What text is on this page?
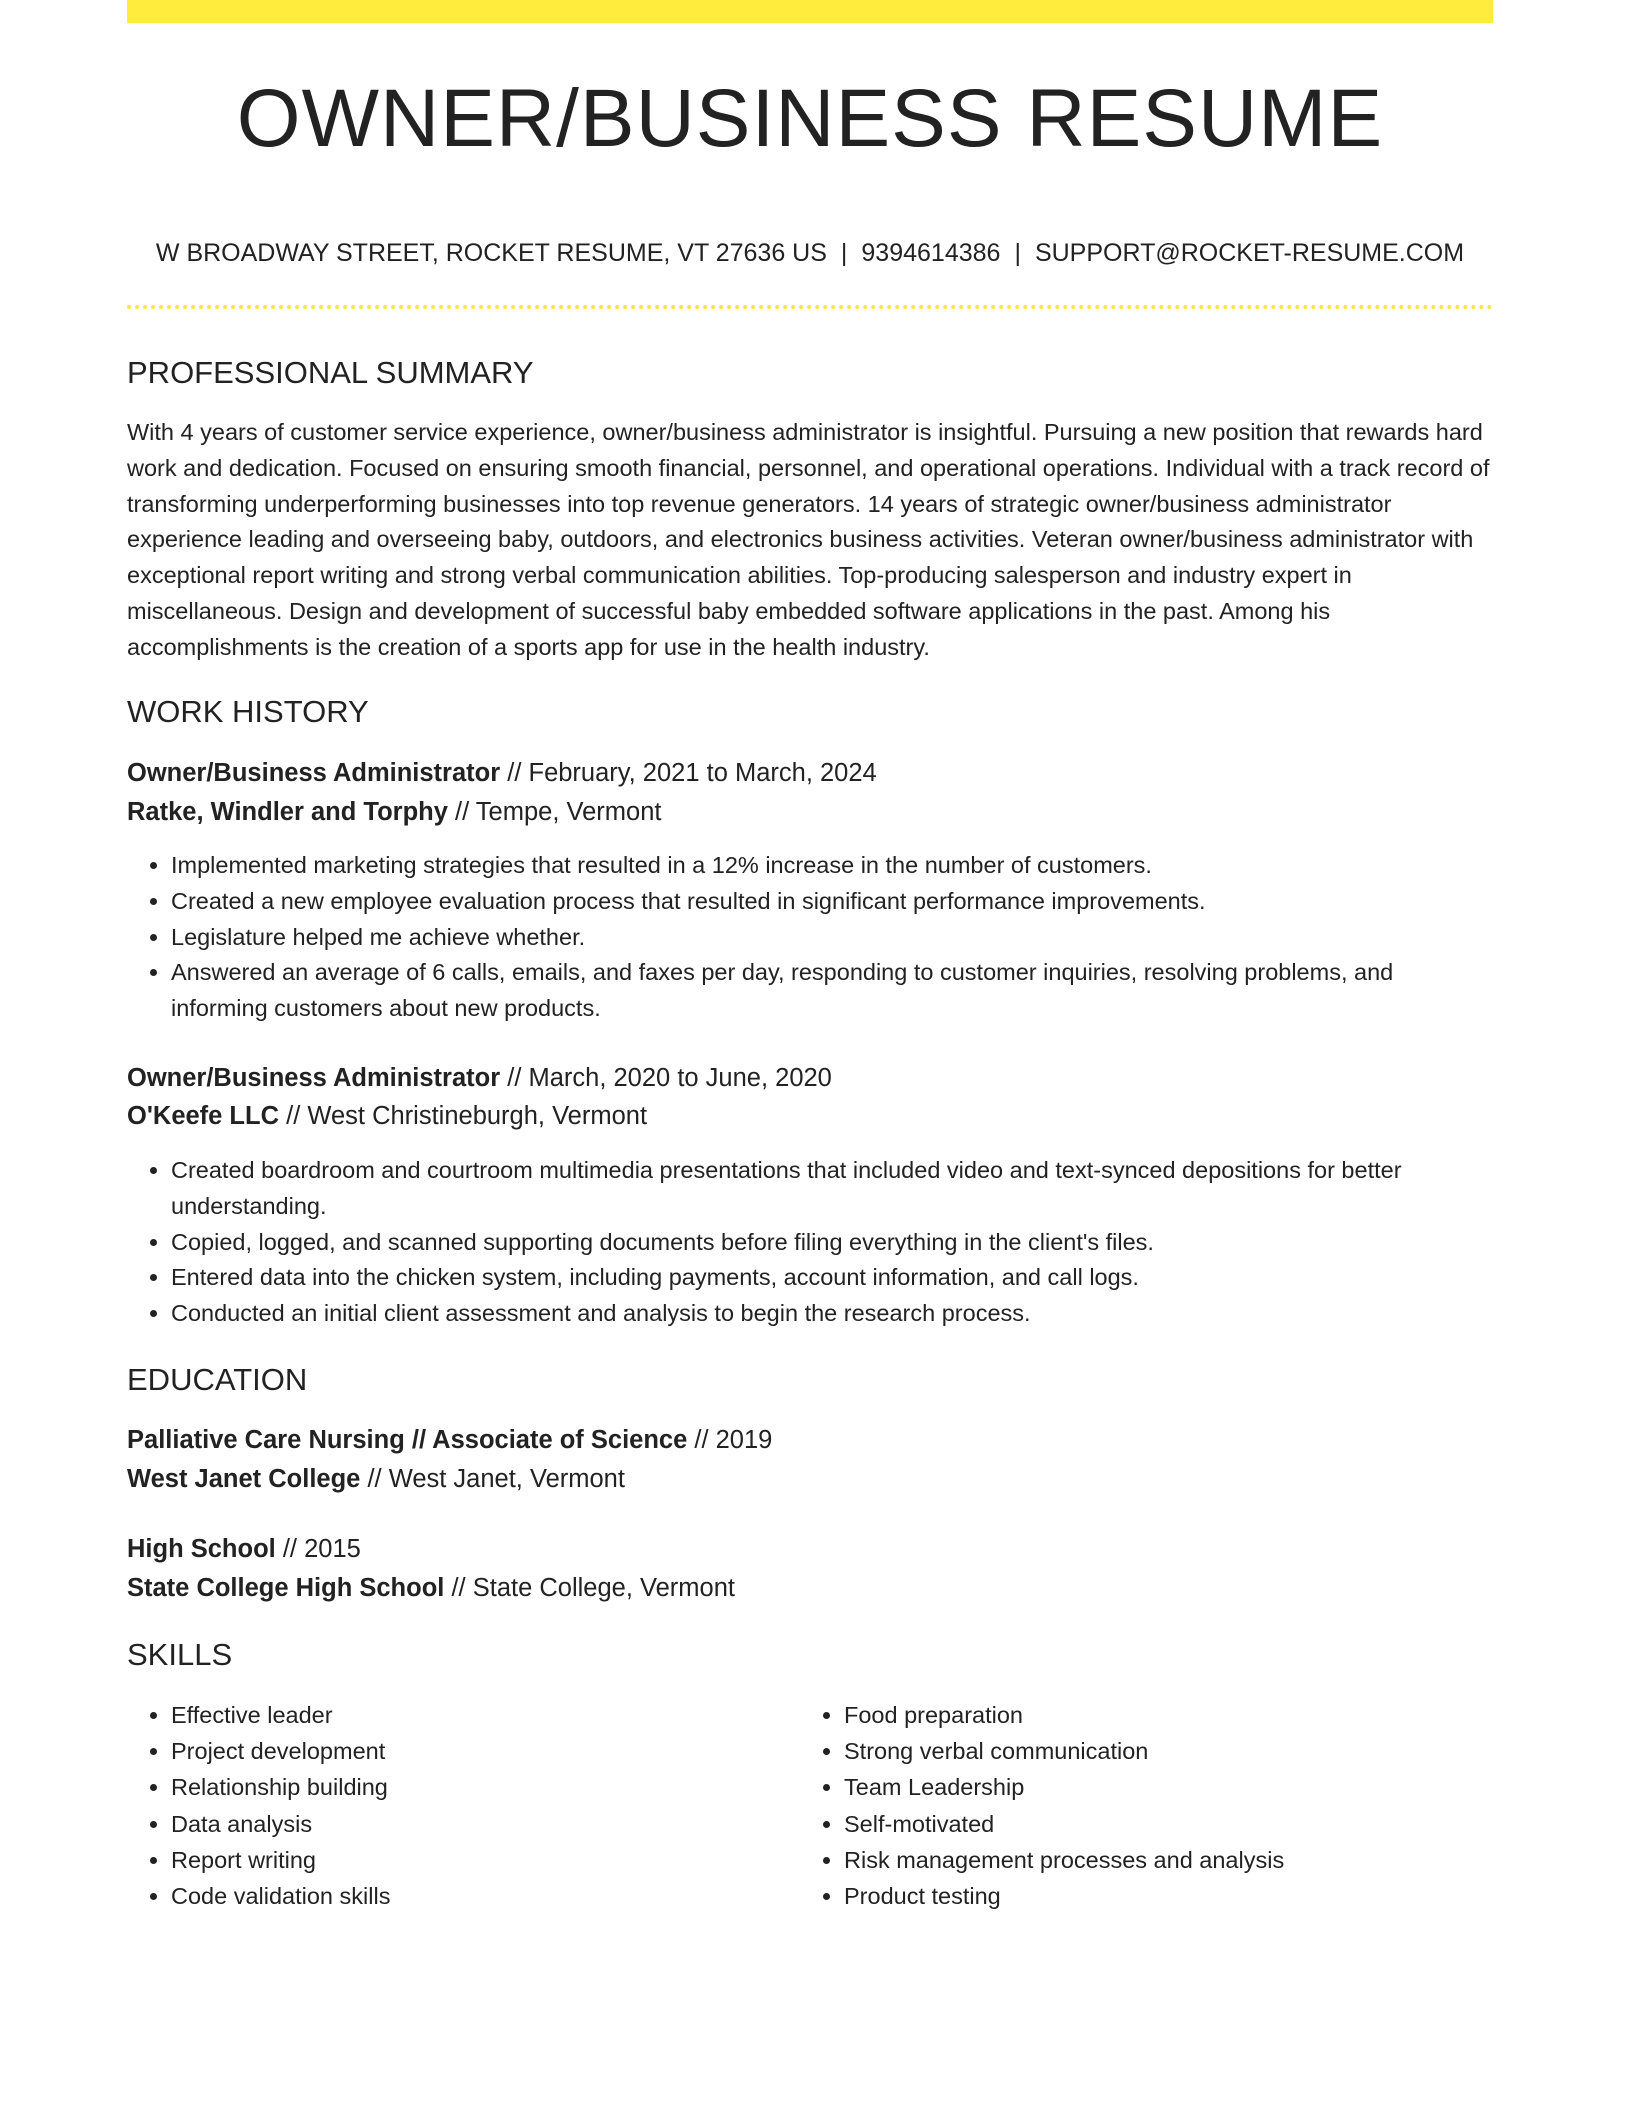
OWNER/BUSINESS RESUME
W BROADWAY STREET, ROCKET RESUME, VT 27636 US | 9394614386 | SUPPORT@ROCKET-RESUME.COM
PROFESSIONAL SUMMARY

With 4 years of customer service experience, owner/business administrator is insightful. Pursuing a new position that rewards hard work and dedication. Focused on ensuring smooth financial, personnel, and operational operations. Individual with a track record of transforming underperforming businesses into top revenue generators. 14 years of strategic owner/business administrator experience leading and overseeing baby, outdoors, and electronics business activities. Veteran owner/business administrator with exceptional report writing and strong verbal communication abilities. Top-producing salesperson and industry expert in miscellaneous. Design and development of successful baby embedded software applications in the past. Among his accomplishments is the creation of a sports app for use in the health industry.

WORK HISTORY
Owner/Business Administrator // February, 2021 to March, 2024
Ratke, Windler and Torphy // Tempe, Vermont
• Implemented marketing strategies that resulted in a 12% increase in the number of customers.
• Created a new employee evaluation process that resulted in significant performance improvements.
• Legislature helped me achieve whether.
• Answered an average of 6 calls, emails, and faxes per day, responding to customer inquiries, resolving problems, and informing customers about new products.
Owner/Business Administrator // March, 2020 to June, 2020
O'Keefe LLC // West Christineburgh, Vermont
• Created boardroom and courtroom multimedia presentations that included video and text-synced depositions for better understanding.
• Copied, logged, and scanned supporting documents before filing everything in the client's files.
• Entered data into the chicken system, including payments, account information, and call logs.
• Conducted an initial client assessment and analysis to begin the research process.
EDUCATION
Palliative Care Nursing // Associate of Science // 2019
West Janet College // West Janet, Vermont
High School // 2015
State College High School // State College, Vermont
SKILLS
• Effective leader
• Project development
• Relationship building
• Data analysis
• Report writing
• Code validation skills
• Food preparation
• Strong verbal communication
• Team Leadership
• Self-motivated
• Risk management processes and analysis
• Product testing
